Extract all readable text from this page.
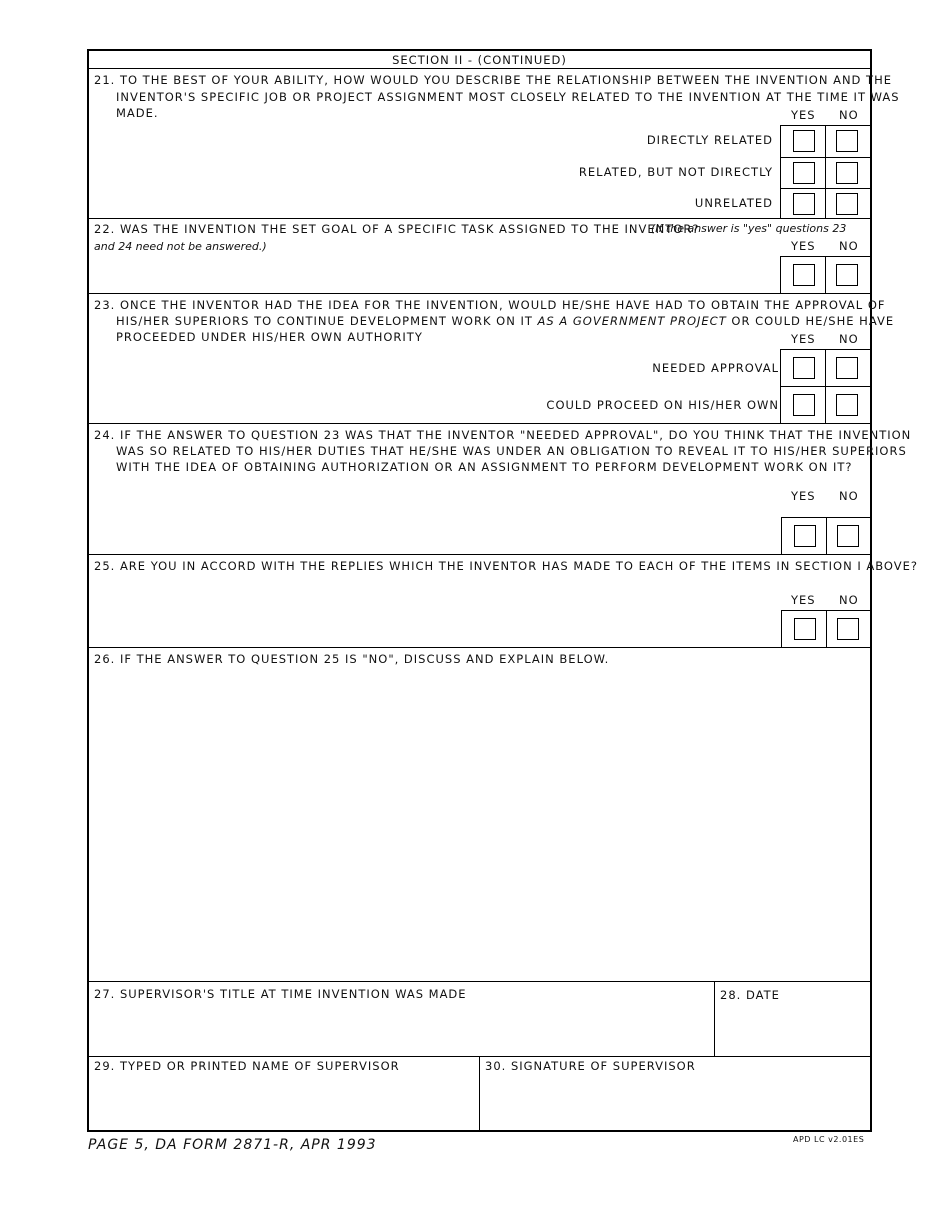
SECTION II - (CONTINUED)
21. TO THE BEST OF YOUR ABILITY, HOW WOULD YOU DESCRIBE THE RELATIONSHIP BETWEEN THE INVENTION AND THE
INVENTOR'S SPECIFIC JOB OR PROJECT ASSIGNMENT MOST CLOSELY RELATED TO THE INVENTION AT THE TIME IT WAS
MADE.	YES NO
DIRECTLY RELATED
RELATED, BUT NOT DIRECTLY
UNRELATED
22. WAS THE INVENTION THE SET GOAL OF A SPECIFIC TASK ASSIGNED TO THE INVENTOR?
(If the answer is "yes" questions 23
and 24 need not be answered.)	YES NO
23. ONCE THE INVENTOR HAD THE IDEA FOR THE INVENTION, WOULD HE/SHE HAVE HAD TO OBTAIN THE APPROVAL OF
HIS/HER SUPERIORS TO CONTINUE DEVELOPMENT WORK ON IT AS A GOVERNMENT PROJECT OR COULD HE/SHE HAVE
PROCEEDED UNDER HIS/HER OWN AUTHORITY	YES NO
NEEDED APPROVAL
COULD PROCEED ON HIS/HER OWN
24. IF THE ANSWER TO QUESTION 23 WAS THAT THE INVENTOR "NEEDED APPROVAL", DO YOU THINK THAT THE INVENTION
WAS SO RELATED TO HIS/HER DUTIES THAT HE/SHE WAS UNDER AN OBLIGATION TO REVEAL IT TO HIS/HER SUPERIORS
WITH THE IDEA OF OBTAINING AUTHORIZATION OR AN ASSIGNMENT TO PERFORM DEVELOPMENT WORK ON IT?
YES NO
25. ARE YOU IN ACCORD WITH THE REPLIES WHICH THE INVENTOR HAS MADE TO EACH OF THE ITEMS IN SECTION I ABOVE?
YES NO
26. IF THE ANSWER TO QUESTION 25 IS "NO", DISCUSS AND EXPLAIN BELOW.
27. SUPERVISOR'S TITLE AT TIME INVENTION WAS MADE	28. DATE
29. TYPED OR PRINTED NAME OF SUPERVISOR	30. SIGNATURE OF SUPERVISOR
PAGE 5, DA FORM 2871-R, APR 1993	APD LC v2.01ES
